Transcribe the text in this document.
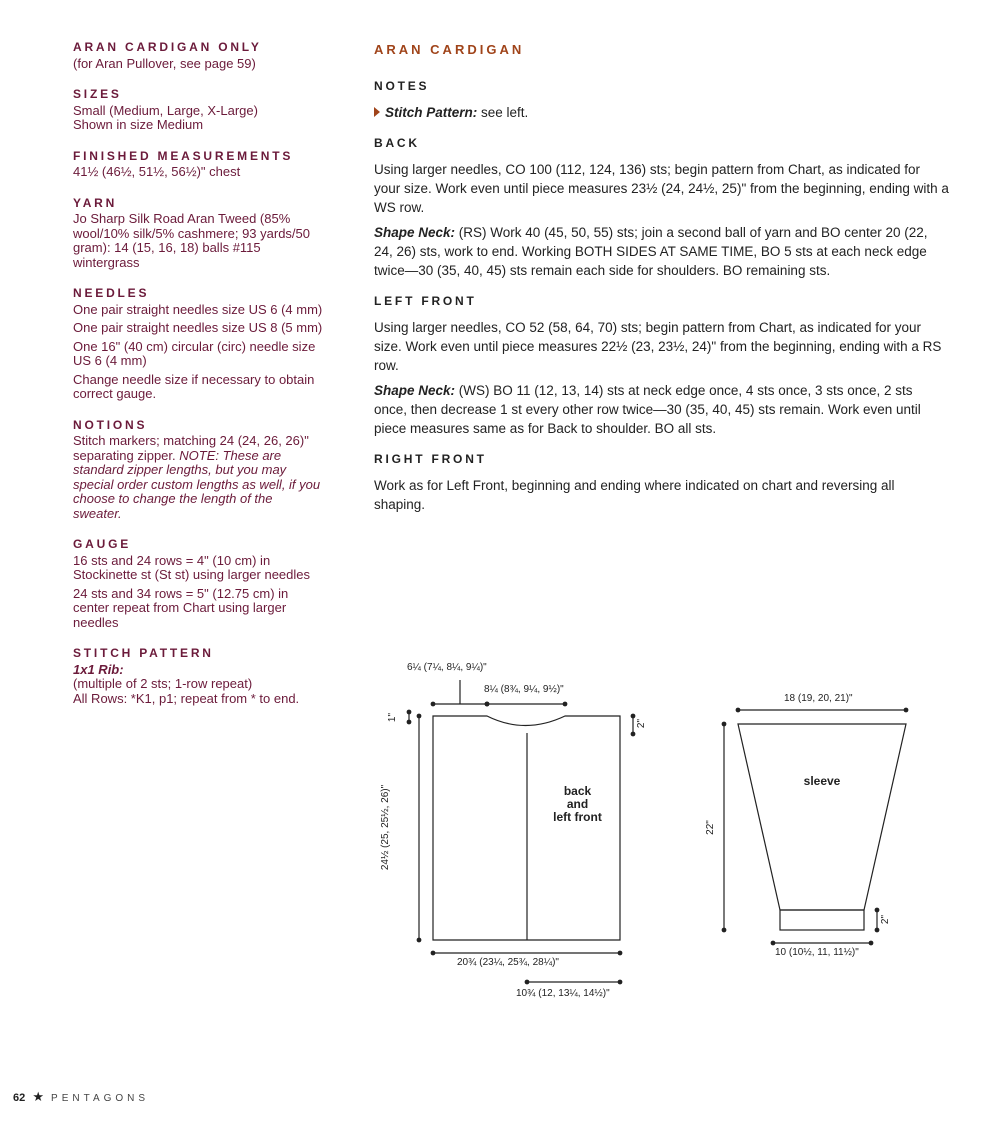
ARAN CARDIGAN ONLY
(for Aran Pullover, see page 59)
SIZES
Small (Medium, Large, X-Large)
Shown in size Medium
FINISHED MEASUREMENTS
41½ (46½, 51½, 56½)" chest
YARN
Jo Sharp Silk Road Aran Tweed (85% wool/10% silk/5% cashmere; 93 yards/50 gram): 14 (15, 16, 18) balls #115 wintergrass
NEEDLES
One pair straight needles size US 6 (4 mm)
One pair straight needles size US 8 (5 mm)
One 16" (40 cm) circular (circ) needle size US 6 (4 mm)
Change needle size if necessary to obtain correct gauge.
NOTIONS
Stitch markers; matching 24 (24, 26, 26)" separating zipper. NOTE: These are standard zipper lengths, but you may special order custom lengths as well, if you choose to change the length of the sweater.
GAUGE
16 sts and 24 rows = 4" (10 cm) in Stockinette st (St st) using larger needles
24 sts and 34 rows = 5" (12.75 cm) in center repeat from Chart using larger needles
STITCH PATTERN
1x1 Rib:
(multiple of 2 sts; 1-row repeat)
All Rows: *K1, p1; repeat from * to end.
ARAN CARDIGAN
NOTES
Stitch Pattern: see left.
BACK
Using larger needles, CO 100 (112, 124, 136) sts; begin pattern from Chart, as indicated for your size. Work even until piece measures 23½ (24, 24½, 25)" from the beginning, ending with a WS row.
Shape Neck: (RS) Work 40 (45, 50, 55) sts; join a second ball of yarn and BO center 20 (22, 24, 26) sts, work to end. Working BOTH SIDES AT SAME TIME, BO 5 sts at each neck edge twice—30 (35, 40, 45) sts remain each side for shoulders. BO remaining sts.
LEFT FRONT
Using larger needles, CO 52 (58, 64, 70) sts; begin pattern from Chart, as indicated for your size. Work even until piece measures 22½ (23, 23½, 24)" from the beginning, ending with a RS row.
Shape Neck: (WS) BO 11 (12, 13, 14) sts at neck edge once, 4 sts once, 3 sts once, 2 sts once, then decrease 1 st every other row twice—30 (35, 40, 45) sts remain. Work even until piece measures same as for Back to shoulder. BO all sts.
RIGHT FRONT
Work as for Left Front, beginning and ending where indicated on chart and reversing all shaping.
6¼ (7¼, 8¼, 9¼)"
8¼ (8¾, 9¼, 9½)"
1"
2"
24½ (25, 25½, 26)"	back
and
left front
20¾ (23¼, 25¾, 28¼)"
10¾ (12, 13¼, 14½)"
18 (19, 20, 21)"
sleeve
22"
2"
10 (10½, 11, 11½)"
62 ★ PENTAGONS
